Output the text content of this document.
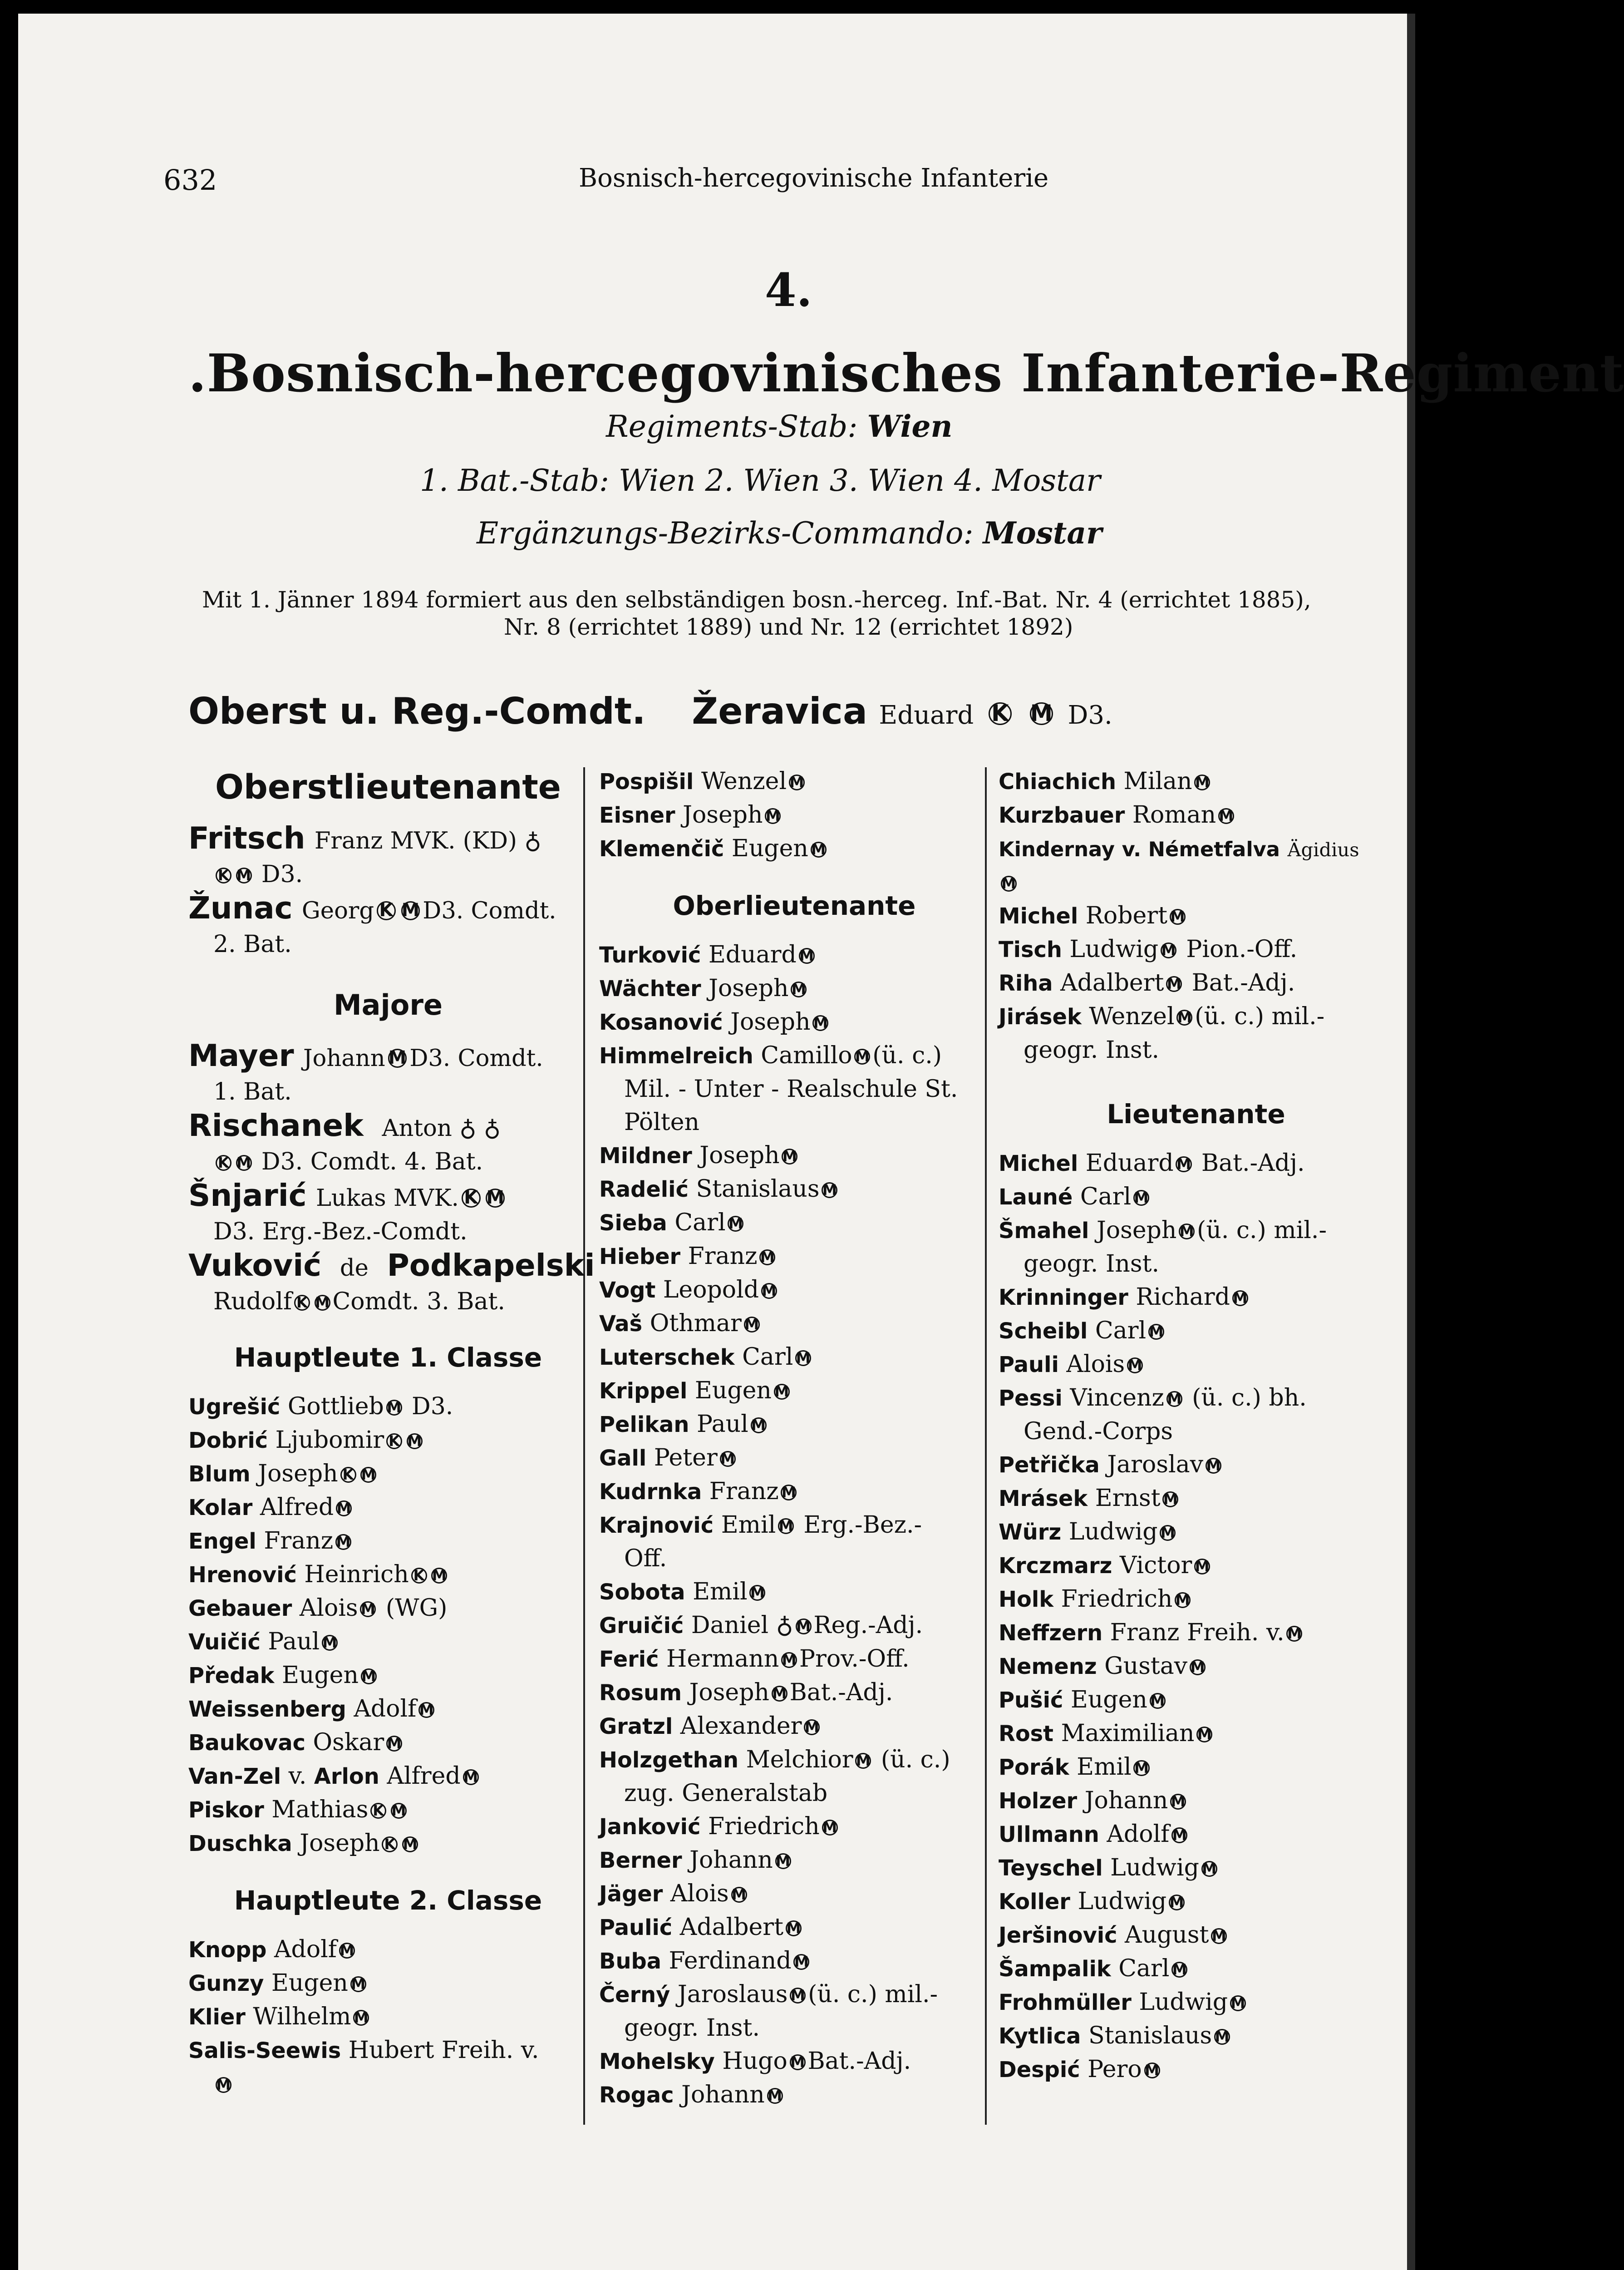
632	Bosnisch-hercegovinische Infanterie
4.
.Bosnisch-hercegovinisches Infanterie-Regiment
Regiments-Stab: Wien
1. Bat.-Stab: Wien 2. Wien 3. Wien 4. Mostar
Ergänzungs-Bezirks-Commando: Mostar
Mit 1. Jänner 1894 formiert aus den selbständigen bosn.-herceg. Inf.-Bat. Nr. 4 (errichtet 1885),
Nr. 8 (errichtet 1889) und Nr. 12 (errichtet 1892)
Oberst u. Reg.-Comdt. Žeravica Eduard K M D3.
Oberstlieutenante
Fritsch Franz MVK. (KD) ♁
K M D3.
Žunac Georg K M D3. Comdt.
2. Bat.
Majore
Mayer Johann M D3. Comdt.
1. Bat.
Rischanek Anton ♁ ♁
K M D3. Comdt. 4. Bat.
Šnjarić Lukas MVK. K M
D3. Erg.-Bez.-Comdt.
Vuković de Podkapelski
Rudolf K M Comdt. 3. Bat.
Hauptleute 1. Classe
Ugrešić Gottlieb M D3.
Dobrić Ljubomir K M
Blum Joseph K M
Kolar Alfred M
Engel Franz M
Hrenović Heinrich K M
Gebauer Alois M (WG)
Vuičić Paul M
Předak Eugen M
Weissenberg Adolf M
Baukovac Oskar M
Van-Zel v. Arlon Alfred M
Piskor Mathias K M
Duschka Joseph K M
Hauptleute 2. Classe
Knopp Adolf M
Gunzy Eugen M
Klier Wilhelm M
Salis-Seewis Hubert Freih. v.
M
Pospišil Wenzel M
Eisner Joseph M
Klemenčič Eugen M
Oberlieutenante
Turković Eduard M
Wächter Joseph M
Kosanović Joseph M
Himmelreich Camillo M (ü. c.)
Mil. - Unter - Realschule St.
Pölten
Mildner Joseph M
Radelić Stanislaus M
Sieba Carl M
Hieber Franz M
Vogt Leopold M
Vaš Othmar M
Luterschek Carl M
Krippel Eugen M
Pelikan Paul M
Gall Peter M
Kudrnka Franz M
Krajnović Emil M Erg.-Bez.-
Off.
Sobota Emil M
Gruičić Daniel ♁ M Reg.-Adj.
Ferić Hermann M Prov.-Off.
Rosum Joseph M Bat.-Adj.
Gratzl Alexander M
Holzgethan Melchior M (ü. c.)
zug. Generalstab
Janković Friedrich M
Berner Johann M
Jäger Alois M
Paulić Adalbert M
Buba Ferdinand M
Černý Jaroslaus M (ü. c.) mil.-
geogr. Inst.
Mohelsky Hugo M Bat.-Adj.
Rogac Johann M
Chiachich Milan M
Kurzbauer Roman M
Kindernay v. Németfalva Ägidius
M
Michel Robert M
Tisch Ludwig M Pion.-Off.
Riha Adalbert M Bat.-Adj.
Jirásek Wenzel M (ü. c.) mil.-
geogr. Inst.
Lieutenante
Michel Eduard M Bat.-Adj.
Launé Carl M
Šmahel Joseph M (ü. c.) mil.-
geogr. Inst.
Krinninger Richard M
Scheibl Carl M
Pauli Alois M
Pessi Vincenz M (ü. c.) bh.
Gend.-Corps
Petřička Jaroslav M
Mrásek Ernst M
Würz Ludwig M
Krczmarz Victor M
Holk Friedrich M
Neffzern Franz Freih. v. M
Nemenz Gustav M
Pušić Eugen M
Rost Maximilian M
Porák Emil M
Holzer Johann M
Ullmann Adolf M
Teyschel Ludwig M
Koller Ludwig M
Jeršinović August M
Šampalik Carl M
Frohmüller Ludwig M
Kytlica Stanislaus M
Despić Pero M
